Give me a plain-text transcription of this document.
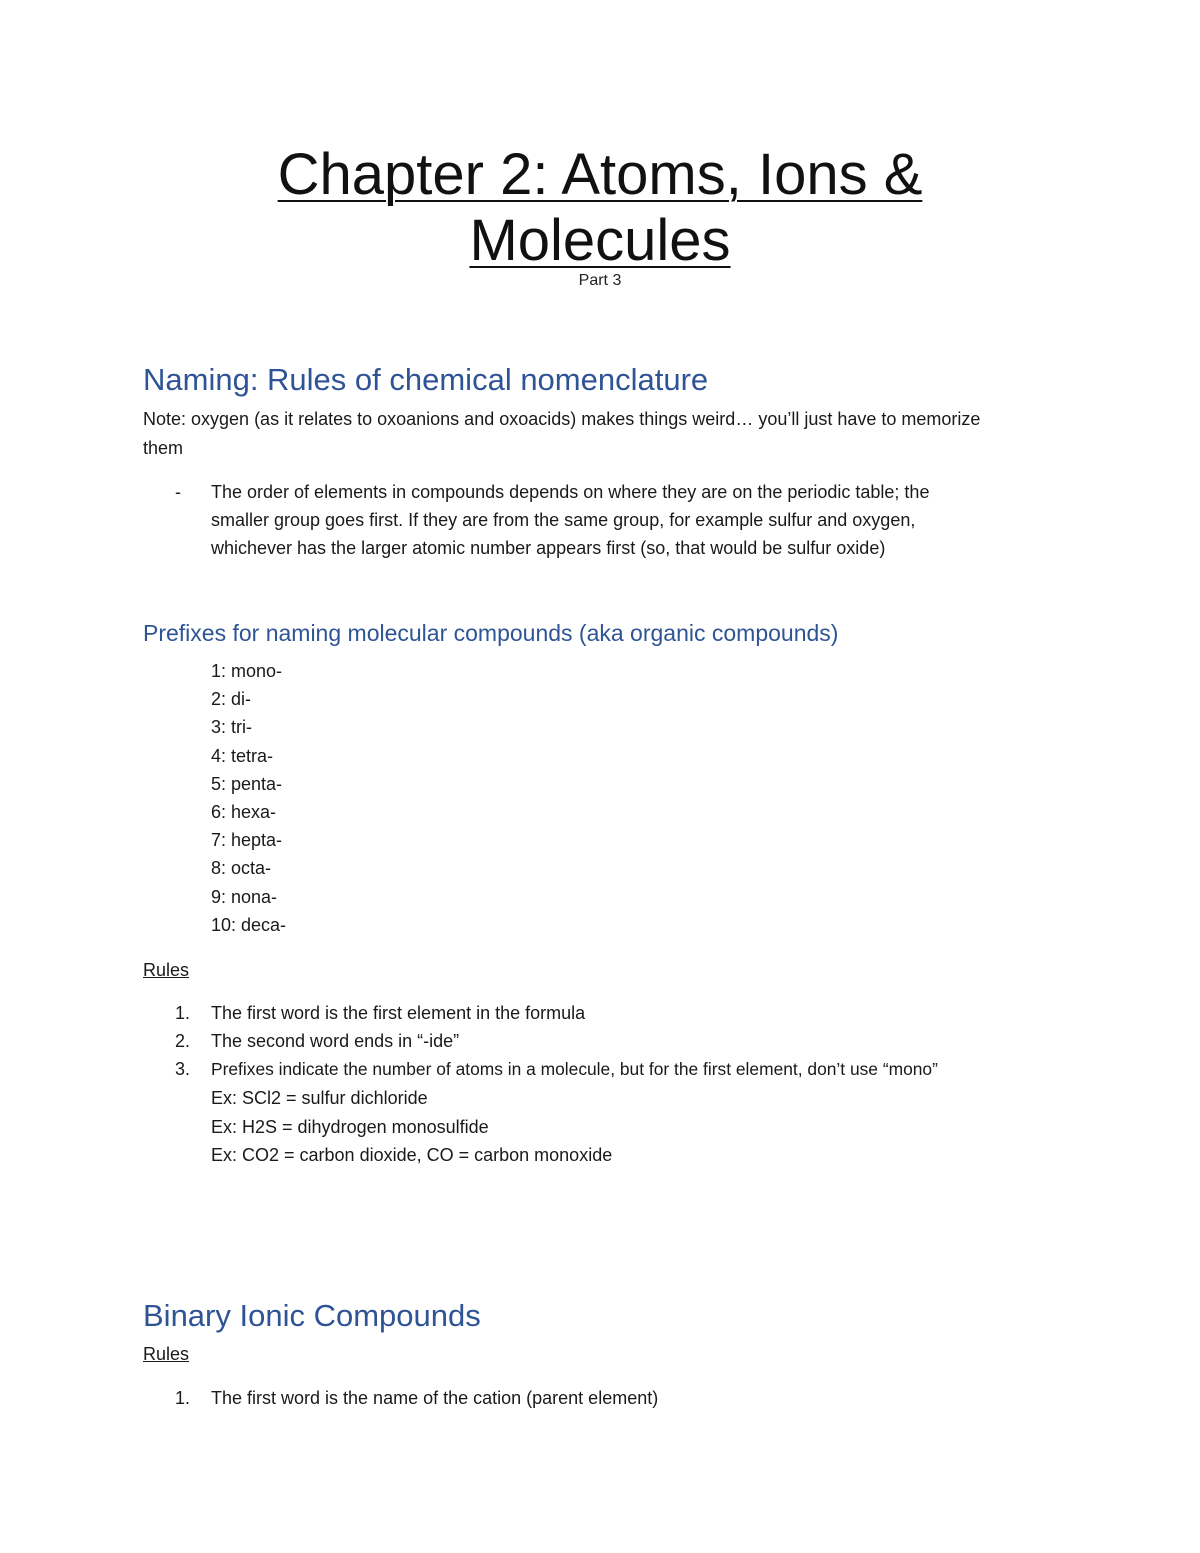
Chapter 2: Atoms, Ions &
Molecules
Part 3
Naming: Rules of chemical nomenclature
Note: oxygen (as it relates to oxoanions and oxoacids) makes things weird… you’ll just have to memorize
them
- The order of elements in compounds depends on where they are on the periodic table; the
smaller group goes first. If they are from the same group, for example sulfur and oxygen,
whichever has the larger atomic number appears first (so, that would be sulfur oxide)
Prefixes for naming molecular compounds (aka organic compounds)
1: mono-
2: di-
3: tri-
4: tetra-
5: penta-
6: hexa-
7: hepta-
8: octa-
9: nona-
10: deca-
Rules
1. The first word is the first element in the formula
2. The second word ends in “-ide”
3. Prefixes indicate the number of atoms in a molecule, but for the first element, don’t use “mono”
Ex: SCl2 = sulfur dichloride
Ex: H2S = dihydrogen monosulfide
Ex: CO2 = carbon dioxide, CO = carbon monoxide
Binary Ionic Compounds
Rules
1. The first word is the name of the cation (parent element)
